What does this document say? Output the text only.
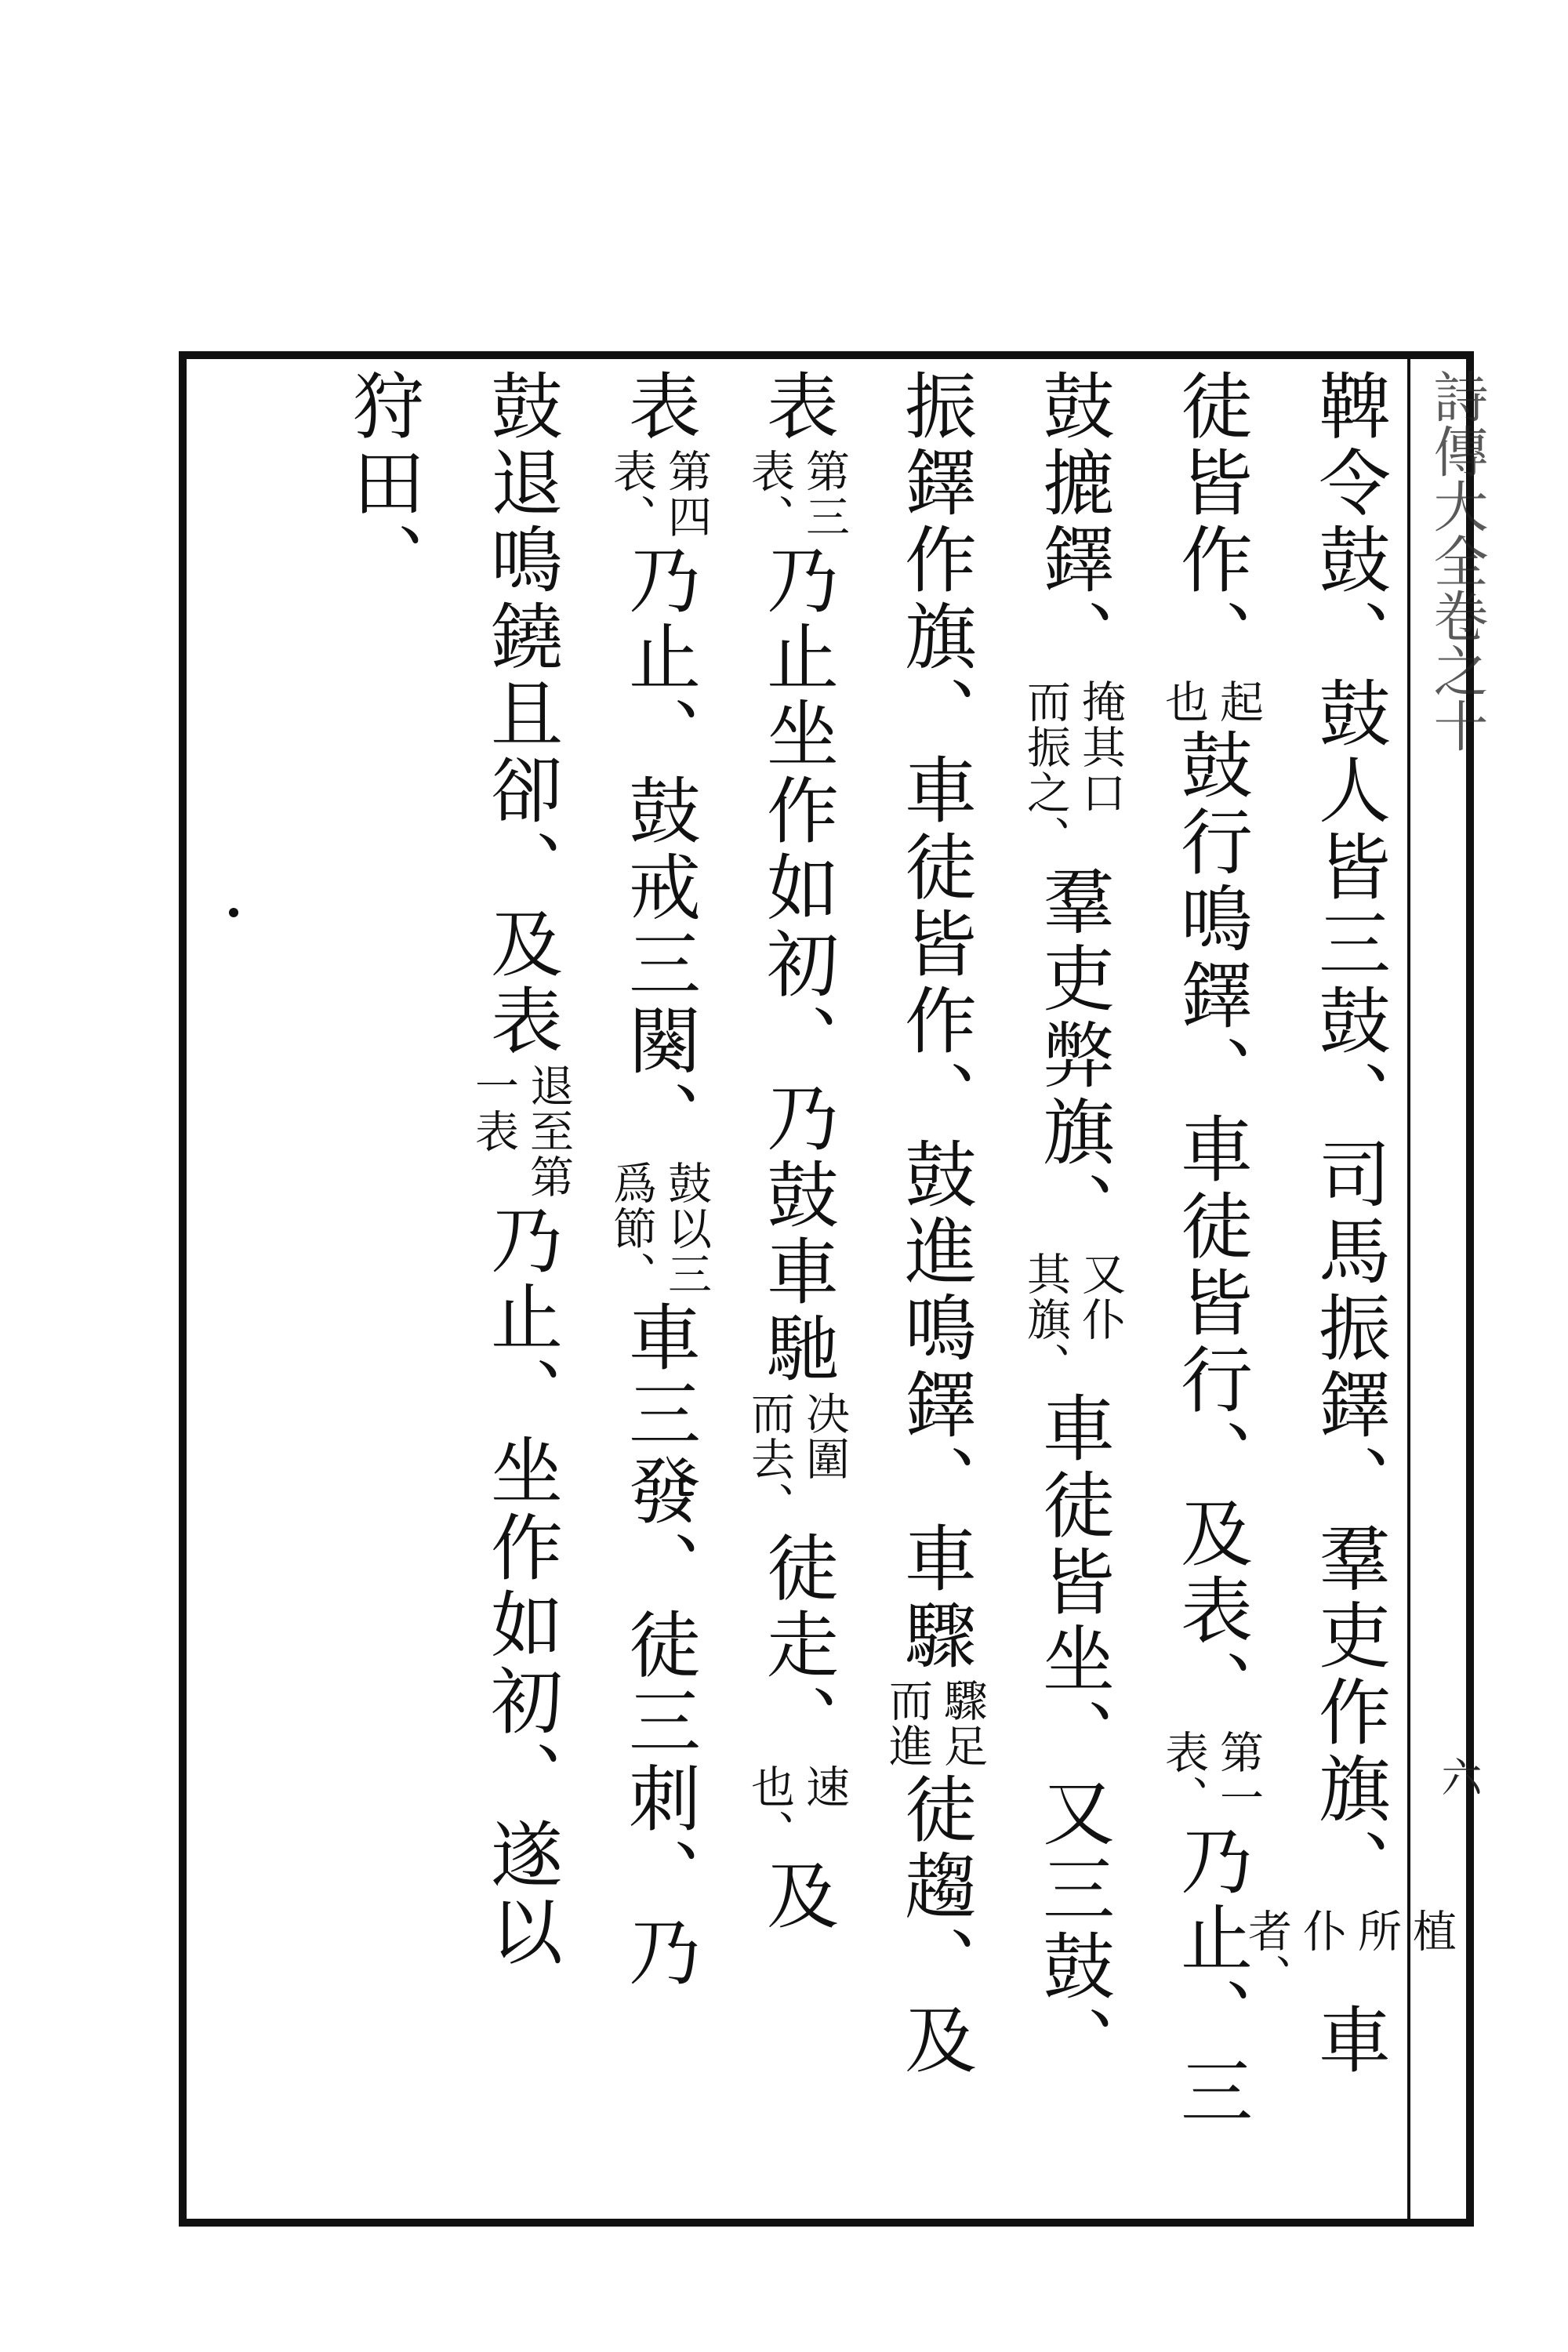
詩傳大全卷之十
六
鞞令鼓、鼓人皆三鼓、司馬振鐸、羣吏作旗、
植
所
仆
者、
車
徒皆作、
起
也
鼓行鳴鐸、車徒皆行、及表、
第一
表、
乃止、三
鼓摝鐸、
掩其口
而振之、
羣吏弊旗、
又仆
其旗、
車徒皆坐、又三鼓、
振鐸作旗、車徒皆作、鼓進鳴鐸、車驟
驟足
而進
徒趨、及
表
第三
表、
乃止坐作如初、乃鼓車馳
决圍
而去、
徒走、
速
也、
及
表
第四
表、
乃止、鼓戒三闋、
鼓以三
爲節、
車三發、徒三刺、乃
鼓退鳴鐃且卻、及表
退至第
一表
乃止、坐作如初、遂以
狩田、
